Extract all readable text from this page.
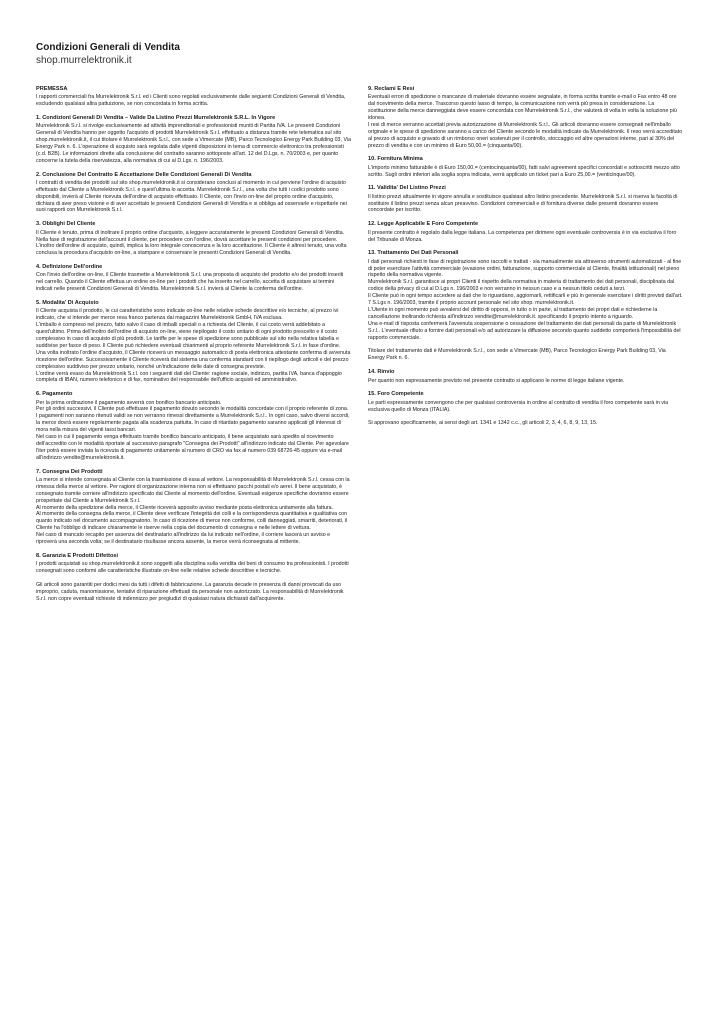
Condizioni Generali di Vendita
shop.murrelektronik.it
PREMESSA

I rapporti commerciali fra Murrelektronik S.r.l. ed i Clienti sono regolati esclusivamente dalle seguenti Condizioni Generali di Vendita, escludendo qualsiasi altra pattuizione, se non concordata in forma scritta.

1. Condizioni Generali Di Vendita – Valide Da Listino Prezzi Murrelektronik S.R.L. In Vigore

Murrelektronik S.r.l. si rivolge esclusivamente ad attività imprenditoriali e professionisti muniti di Partita IVA. Le presenti Condizioni Generali di Vendita hanno per oggetto l'acquisto di prodotti Murrelektronik S.r.l. effettuato a distanza tramite rete telematica sul sito shop.murrelektronik.it, il cui titolare è Murrelektronik S.r.l., con sede a Vimercate (MB), Parco Tecnologico Energy Park Building 03, Via Energy Park n. 6. L'operazione di acquisto sarà regolata dalle vigenti disposizioni in tema di commercio elettronico tra professionisti (c.d. B2B). Le informazioni dirette alla conclusione del contratto saranno sottoposte all'art. 12 del D.Lgs. n. 70/2003 e, per quanto concerne la tutela della riservatezza, alla normativa di cui al D.Lgs. n. 196/2003.

2. Conclusione Del Contratto E Accettazione Delle Condizioni Generali Di Vendita

I contratti di vendita dei prodotti sul sito shop.murrelektronik.it si considerano conclusi al momento in cui perviene l'ordine di acquisto effettuato dal Cliente a Murrelektronik S.r.l. e quest'ultima lo accetta. Murrelektronik S.r.l., una volta che tutti i codici prodotto sono disponibili, invierà al Cliente ricevuta dell'ordine di acquisto effettuato. Il Cliente, con l'invio on-line del proprio ordine d'acquisto, dichiara di aver preso visione e di aver accettato le presenti Condizioni Generali di Vendita e si obbliga ad osservarle e rispettarle nei suoi rapporti con Murrelektronik S.r.l.

3. Obblighi Del Cliente

Il Cliente è tenuto, prima di inoltrare il proprio ordine d'acquisto, a leggere accuratamente le presenti Condizioni Generali di Vendita. Nella fase di registrazione dell'account il cliente, per procedere con l'ordine, dovrà accettare le presenti condizioni per procedere. L'inoltro dell'ordine di acquisto, quindi, implica la loro integrale conoscenza e la loro accettazione. Il Cliente è altresì tenuto, una volta conclusa la procedura d'acquisto on-line, a stampare e conservare le presenti Condizioni Generali di Vendita.

4. Definizione Dell'ordine

Con l'invio dell'ordine on-line, il Cliente trasmette a Murrelektronik S.r.l. una proposta di acquisto del prodotto e/o dei prodotti inseriti nel carrello. Quando il Cliente effettua un ordine on-line per i prodotti che ha inserito nel carrello, accetta di acquistare ai termini indicati nelle presenti Condizioni Generali di Vendita. Murrelektronik S.r.l. invierà al Cliente la conferma dell'ordine.

5. Modalita' Di Acquisto

Il Cliente acquista il prodotto, le cui caratteristiche sono indicate on-line nelle relative schede descrittive e/o tecniche, al prezzo ivi indicato, che si intende per merce resa franco partenza dai magazzini Murrelektronik GmbH, IVA esclusa.

L'imballo è compreso nel prezzo, fatto salvo il caso di imballi speciali o a richiesta del Cliente, il cui costo verrà addebitato a quest'ultimo. Prima dell'inoltro dell'ordine di acquisto on-line, viene riepilogato il costo unitario di ogni prodotto prescelto e il costo complessivo in caso di acquisto di più prodotti. Le tariffe per le spese di spedizione sono pubblicate sul sito nella relativa tabella e suddivise per fasce di peso. Il Cliente può richiedere eventuali chiarimenti al proprio referente Murrelektronik S.r.l. in fase d'ordine.

Una volta inoltrato l'ordine d'acquisto, il Cliente riceverà un messaggio automatico di posta elettronica attestante conferma di avvenuta ricezione dell'ordine. Successivamente il Cliente riceverà dal sistema una conferma standard con il riepilogo degli articoli e del prezzo complessivo suddiviso per prezzo unitario, nonché un'indicazione delle date di consegna previste.

L'ordine verrà evaso da Murrelektronik S.r.l. con i seguenti dati del Cliente: ragione sociale, indirizzo, partita IVA, banca d'appoggio completa di IBAN, numero telefonico e di fax, nominativo del responsabile dell'ufficio acquisti ed amministrativo.

6. Pagamento

Per la prima ordinazione il pagamento avverrà con bonifico bancario anticipato.

Per gli ordini successivi, il Cliente può effettuare il pagamento dovuto secondo le modalità concordate con il proprio referente di zona.

I pagamenti non saranno ritenuti validi se non verranno rimessi direttamente a Murrelektronik S.r.l.. In ogni caso, salvo diversi accordi, la merce dovrà essere regolarmente pagata alla scadenza pattuita. In caso di ritardato pagamento saranno applicati gli interessi di mora nella misura dei vigenti tassi bancari.

Nel caso in cui il pagamento venga effettuato tramite bonifico bancario anticipato, il bene acquistato sarà spedito al ricevimento dell'accredito con le modalità riportate al successivo paragrafo "Consegna dei Prodotti" all'indirizzo indicato dal Cliente. Per agevolare l'iter potrà essere inviata la ricevuta di pagamento unitamente al numero di CRO via fax al numero 039 68726-45 oppure via e-mail all'indirizzo vendite@murrelektronik.it.

7. Consegna Dei Prodotti

La merce si intende consegnata al Cliente con la trasmissione di essa al vettore. La responsabilità di Murrelektronik S.r.l. cessa con la rimessa della merce al vettore. Per ragioni di organizzazione interna non si effettuano pacchi postali e/o aerei. Il bene acquistato, è consegnato tramite corriere all'indirizzo specificato dal Cliente al momento dell'ordine. Eventuali esigenze specifiche dovranno essere prospettate dal Cliente a Murrelektronik S.r.l.

Al momento della spedizione della merce, il Cliente riceverà apposito avviso mediante posta elettronica unitamente alla fattura.

Al momento della consegna della merce, il Cliente deve verificare l'integrità dei colli e la corrispondenza quantitativa e qualitativa con quanto indicato nel documento accompagnatorio. In caso di ricezione di merce non conforme, colli danneggiati, smarriti, deteriorati, il Cliente ha l'obbligo di indicare chiaramente le riserve nella copia del documento di consegna e nelle lettere di vettura.

Nel caso di mancato recapito per assenza del destinatario all'indirizzo da lui indicato nell'ordine, il corriere lascerà un avviso e riproverà una seconda volta; se il destinatario risultasse ancora assente, la merce verrà riconsegnata al mittente.

8. Garanzia E Prodotti Difettosi

I prodotti acquistati su shop.murrelektronik.it sono soggetti alla disciplina sulla vendita dei beni di consumo tra professionisti. I prodotti consegnati sono conformi alle caratteristiche illustrate on-line nelle relative schede descrittive e tecniche.

Gli articoli sono garantiti per dodici mesi da tutti i difetti di fabbricazione. La garanzia decade in presenza di danni provocati da uso improprio, caduta, manomissione, tentativi di riparazione effettuati da personale non autorizzato. La responsabilità di Murrelektronik S.r.l. non copre eventuali richieste di indennizzo per pregiudizi di qualsiasi natura dichiarati dall'acquirente.

9. Reclami E Resi

Eventuali errori di spedizione o mancanze di materiale dovranno essere segnalate, in forma scritta tramite e-mail o Fax entro 48 ore dal ricevimento della merce. Trascorso questo lasso di tempo, la comunicazione non verrà più presa in considerazione. La sostituzione della merce danneggiata deve essere concordata con Murrelektronik S.r.l., che valuterà di volta in volta la soluzione più idonea.

I resi di merce verranno accettati previa autorizzazione di Murrelektronik S.r.l.. Gli articoli dovranno essere consegnati nell'imballo originale e le spese di spedizione saranno a carico del Cliente secondo le modalità indicate da Murrelektronik. Il reso verrà accreditato al prezzo di acquisto e gravato di un rimborso oneri sostenuti per il controllo, stoccaggio ed altre operazioni interne, pari al 30% del prezzo di vendita e con un minimo di Euro 50,00.= (cinquanta/00).

10. Fornitura Minima

L'importo minimo fatturabile è di Euro 150,00.= (centocinquanta/00), fatti salvi agreement specifici concordati e sottoscritti mezzo atto scritto. Sugli ordini inferiori alla soglia sopra indicata, verrà applicato un ticket pari a Euro 25,00.= (venticinque/00).

11. Validita' Del Listino Prezzi

Il listino prezzi attualmente in vigore annulla e sostituisce qualsiasi altro listino precedente. Murrelektronik S.r.l. si riserva la facoltà di sostituire il listino prezzi senza alcun preavviso. Condizioni commerciali e di fornitura diverse dalle presenti dovranno essere concordate per iscritto.

12. Legge Applicabile E Foro Competente

Il presente contratto è regolato dalla legge italiana. La competenza per dirimere ogni eventuale controversia è in via esclusiva il foro del Tribunale di Monza.

13. Trattamento Dei Dati Personali

I dati personali richiesti in fase di registrazione sono raccolti e trattati - sia manualmente sia attraverso strumenti automatizzati - al fine di poter esercitare l'attività commerciale (evasione ordini, fatturazione, supporto commerciale al Cliente, finalità istituzionali) nel pieno rispetto della normativa vigente.

Murrelektronik S.r.l. garantisce ai propri Clienti il rispetto della normativa in materia di trattamento dei dati personali, disciplinata dal codice della privacy di cui al D.Lgs n. 196/2003 e non verranno in nessun caso e a nessun titolo ceduti a terzi.

Il Cliente può in ogni tempo accedere ai dati che lo riguardano, aggiornarli, rettificarli e più in generale esercitare i diritti previsti dall'art. 7 S.Lgs n. 196/2003, tramite il proprio account personale nel sito shop. murrelektronik.it.

L'Utente in ogni momento può avvalersi del diritto di opporsi, in tutto o in parte, al trattamento dei propri dati e richiederne la cancellazione inoltrando richiesta all'indirizzo vendite@murrelektronik.it. specificando il proprio intento a riguardo.

Una e-mail di risposta confermerà l'avvenuta sospensione o cessazione del trattamento dei dati personali da parte di Murrelektronik S.r.l.. L'eventuale rifiuto a fornire dati personali e/o ad autorizzare la diffusione secondo quanto suddetto comporterà l'impossibilità del rapporto commerciale.

Titolare del trattamento dati è Murrelektronik S.r.l., con sede a Vimercate (MB), Parco Tecnologico Energy Park Building 03, Via Energy Park n. 6.

14. Rinvio

Per quanto non espressamente previsto nel presente contratto si applicano le norme di legge italiane vigente.

15. Foro Competente

Le parti espressamente convengono che per qualsiasi controversia in ordine al contratto di vendita il foro competente sarà in via esclusiva quello di Monza (ITALIA).

Si approvano specificamente, ai sensi degli art. 1341 e 1342 c.c., gli articoli 2, 3, 4, 6, 8, 9, 13, 15.
